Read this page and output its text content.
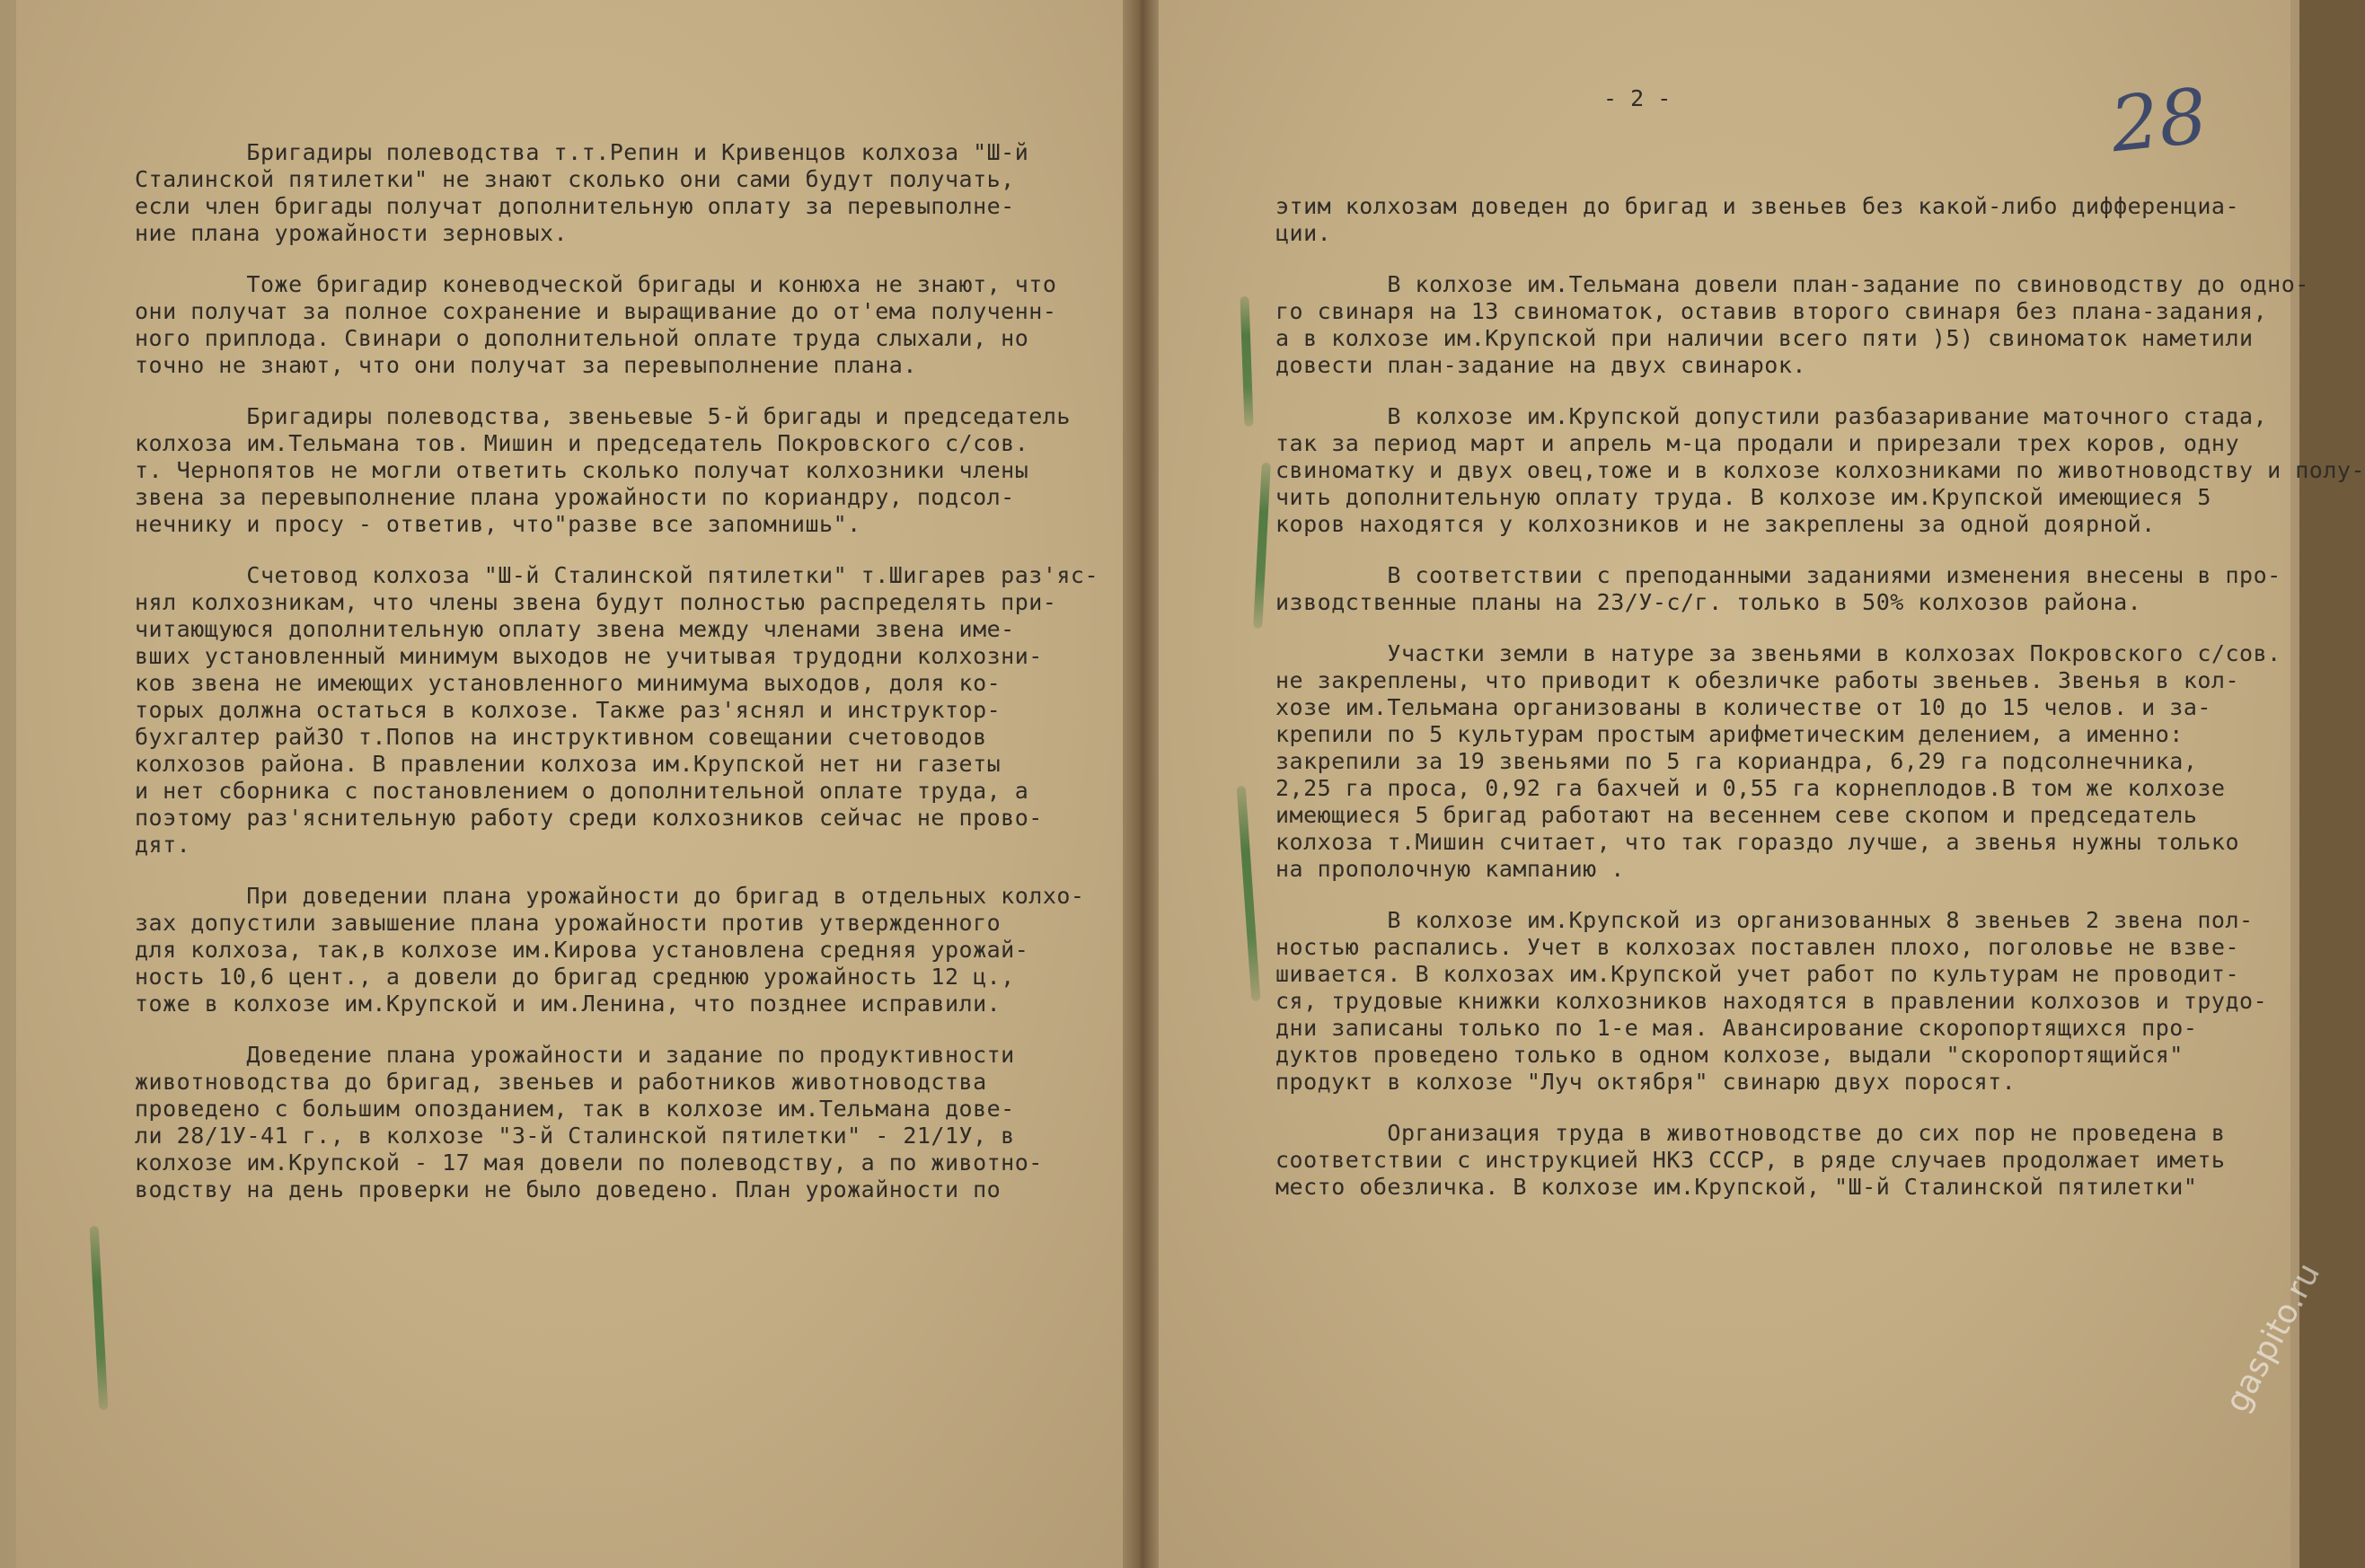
- 2 -	28

Бригадиры полеводства т.т.Репин и Кривенцов колхоза "Ш-й
Сталинской пятилетки" не знают сколько они сами будут получать,
если член бригады получат дополнительную оплату за перевыполне-
ние плана урожайности зерновых.

Тоже бригадир коневодческой бригады и конюха не знают, что
они получат за полное сохранение и выращивание до от'ема полученн-
ного приплода. Свинари о дополнительной оплате труда слыхали, но
точно не знают, что они получат за перевыполнение плана.

Бригадиры полеводства, звеньевые 5-й бригады и председатель
колхоза им.Тельмана тов. Мишин и председатель Покровского с/сов.
т. Чернопятов не могли ответить сколько получат колхозники члены
звена за перевыполнение плана урожайности по кориандру, подсол-
нечнику и просу - ответив, что"разве все запомнишь".

Счетовод колхоза "Ш-й Сталинской пятилетки" т.Шигарев раз'яс-
нял колхозникам, что члены звена будут полностью распределять при-
читающуюся дополнительную оплату звена между членами звена име-
вших установленный минимум выходов не учитывая трудодни колхозни-
ков звена не имеющих установленного минимума выходов, доля ко-
торых должна остаться в колхозе. Также раз'яснял и инструктор-
бухгалтер райЗО т.Попов на инструктивном совещании счетоводов
колхозов района. В правлении колхоза им.Крупской нет ни газеты
и нет сборника с постановлением о дополнительной оплате труда, а
поэтому раз'яснительную работу среди колхозников сейчас не прово-
дят.

При доведении плана урожайности до бригад в отдельных колхо-
зах допустили завышение плана урожайности против утвержденного
для колхоза, так,в колхозе им.Кирова установлена средняя урожай-
ность 10,6 цент., а довели до бригад среднюю урожайность 12 ц.,
тоже в колхозе им.Крупской и им.Ленина, что позднее исправили.

Доведение плана урожайности и задание по продуктивности
животноводства до бригад, звеньев и работников животноводства
проведено с большим опозданием, так в колхозе им.Тельмана дове-
ли 28/1У-41 г., в колхозе "3-й Сталинской пятилетки" - 21/1У, в
колхозе им.Крупской - 17 мая довели по полеводству, а по животно-
водству на день проверки не было доведено. План урожайности по

этим колхозам доведен до бригад и звеньев без какой-либо дифференциа-
ции.

В колхозе им.Тельмана довели план-задание по свиноводству до одно-
го свинаря на 13 свиноматок, оставив второго свинаря без плана-задания,
а в колхозе им.Крупской при наличии всего пяти )5) свиноматок наметили
довести план-задание на двух свинарок.

В колхозе им.Крупской допустили разбазаривание маточного стада,
так за период март и апрель м-ца продали и прирезали трех коров, одну
свиноматку и двух овец,тоже и в колхозе колхозниками по животноводству и полу-
чить дополнительную оплату труда. В колхозе им.Крупской имеющиеся 5
коров находятся у колхозников и не закреплены за одной доярной.

В соответствии с преподанными заданиями изменения внесены в про-
изводственные планы на 23/У-с/г. только в 50% колхозов района.

Участки земли в натуре за звеньями в колхозах Покровского с/сов.
не закреплены, что приводит к обезличке работы звеньев. Звенья в кол-
хозе им.Тельмана организованы в количестве от 10 до 15 челов. и за-
крепили по 5 культурам простым арифметическим делением, а именно:
закрепили за 19 звеньями по 5 га кориандра, 6,29 га подсолнечника,
2,25 га проса, 0,92 га бахчей и 0,55 га корнеплодов.В том же колхозе
имеющиеся 5 бригад работают на весеннем севе скопом и председатель
колхоза т.Мишин считает, что так гораздо лучше, а звенья нужны только
на прополочную кампанию .

В колхозе им.Крупской из организованных 8 звеньев 2 звена пол-
ностью распались. Учет в колхозах поставлен плохо, поголовье не взве-
шивается. В колхозах им.Крупской учет работ по культурам не проводит-
ся, трудовые книжки колхозников находятся в правлении колхозов и трудо-
дни записаны только по 1-е мая. Авансирование скоропортящихся про-
дуктов проведено только в одном колхозе, выдали "скоропортящийся"
продукт в колхозе "Луч октября" свинарю двух поросят.

Организация труда в животноводстве до сих пор не проведена в
соответствии с инструкцией НКЗ СССР, в ряде случаев продолжает иметь
место обезличка. В колхозе им.Крупской, "Ш-й Сталинской пятилетки"

gaspito.ru
